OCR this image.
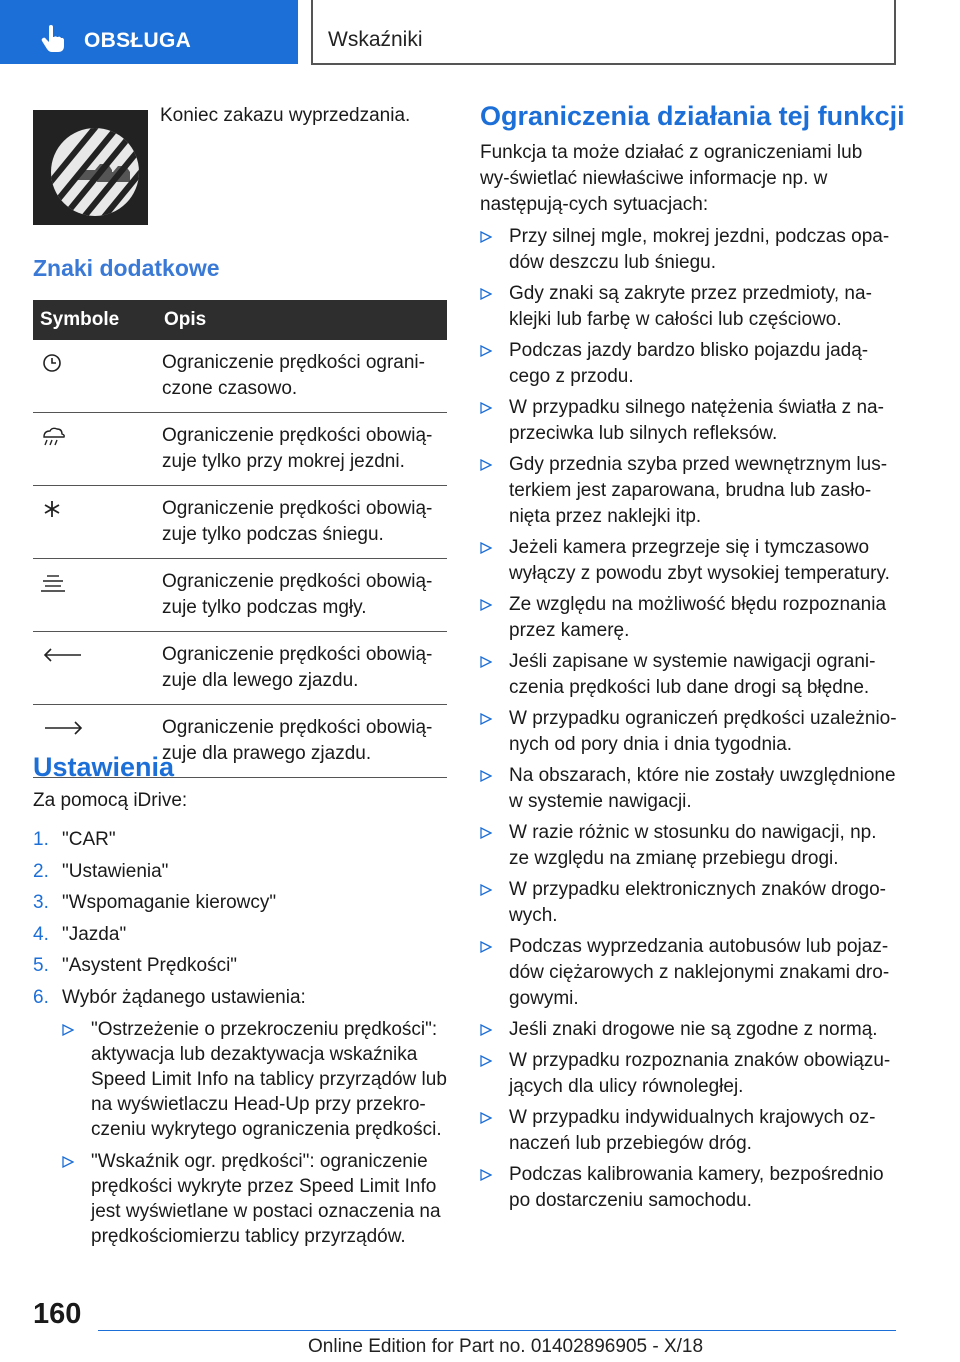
OBSŁUGA	Wskaźniki
Koniec zakazu wyprzedzania.
Znaki dodatkowe
Symbole Opis
Ograniczenie prędkości ograni-czone czasowo.
Ograniczenie prędkości obowią-zuje tylko przy mokrej jezdni.
Ograniczenie prędkości obowią-zuje tylko podczas śniegu.
Ograniczenie prędkości obowią-zuje tylko podczas mgły.
Ograniczenie prędkości obowią-zuje dla lewego zjazdu.
Ograniczenie prędkości obowią-zuje dla prawego zjazdu.
Ustawienia
Za pomocą iDrive:
1. "CAR"
2. "Ustawienia"
3. "Wspomaganie kierowcy"
4. "Jazda"
5. "Asystent Prędkości"
6. Wybór żądanego ustawienia:
"Ostrzeżenie o przekroczeniu prędkości": aktywacja lub dezaktywacja wskaźnika Speed Limit Info na tablicy przyrządów lub na wyświetlaczu Head-Up przy przekro-czeniu wykrytego ograniczenia prędkości.
"Wskaźnik ogr. prędkości": ograniczenie prędkości wykryte przez Speed Limit Info jest wyświetlane w postaci oznaczenia na prędkościomierzu tablicy przyrządów.
Ograniczenia działania tej funkcji
Funkcja ta może działać z ograniczeniami lub wy-świetlać niewłaściwe informacje np. w następują-cych sytuacjach:
Przy silnej mgle, mokrej jezdni, podczas opa-dów deszczu lub śniegu.
Gdy znaki są zakryte przez przedmioty, na-klejki lub farbę w całości lub częściowo.
Podczas jazdy bardzo blisko pojazdu jadą-cego z przodu.
W przypadku silnego natężenia światła z na-przeciwka lub silnych refleksów.
Gdy przednia szyba przed wewnętrznym lus-terkiem jest zaparowana, brudna lub zasło-nięta przez naklejki itp.
Jeżeli kamera przegrzeje się i tymczasowo wyłączy z powodu zbyt wysokiej temperatury.
Ze względu na możliwość błędu rozpoznania przez kamerę.
Jeśli zapisane w systemie nawigacji ograni-czenia prędkości lub dane drogi są błędne.
W przypadku ograniczeń prędkości uzależnio-nych od pory dnia i dnia tygodnia.
Na obszarach, które nie zostały uwzględnione w systemie nawigacji.
W razie różnic w stosunku do nawigacji, np. ze względu na zmianę przebiegu drogi.
W przypadku elektronicznych znaków drogo-wych.
Podczas wyprzedzania autobusów lub pojaz-dów ciężarowych z naklejonymi znakami dro-gowymi.
Jeśli znaki drogowe nie są zgodne z normą.
W przypadku rozpoznania znaków obowiązu-jących dla ulicy równoległej.
W przypadku indywidualnych krajowych oz-naczeń lub przebiegów dróg.
Podczas kalibrowania kamery, bezpośrednio po dostarczeniu samochodu.
160
Online Edition for Part no. 01402896905 - X/18
